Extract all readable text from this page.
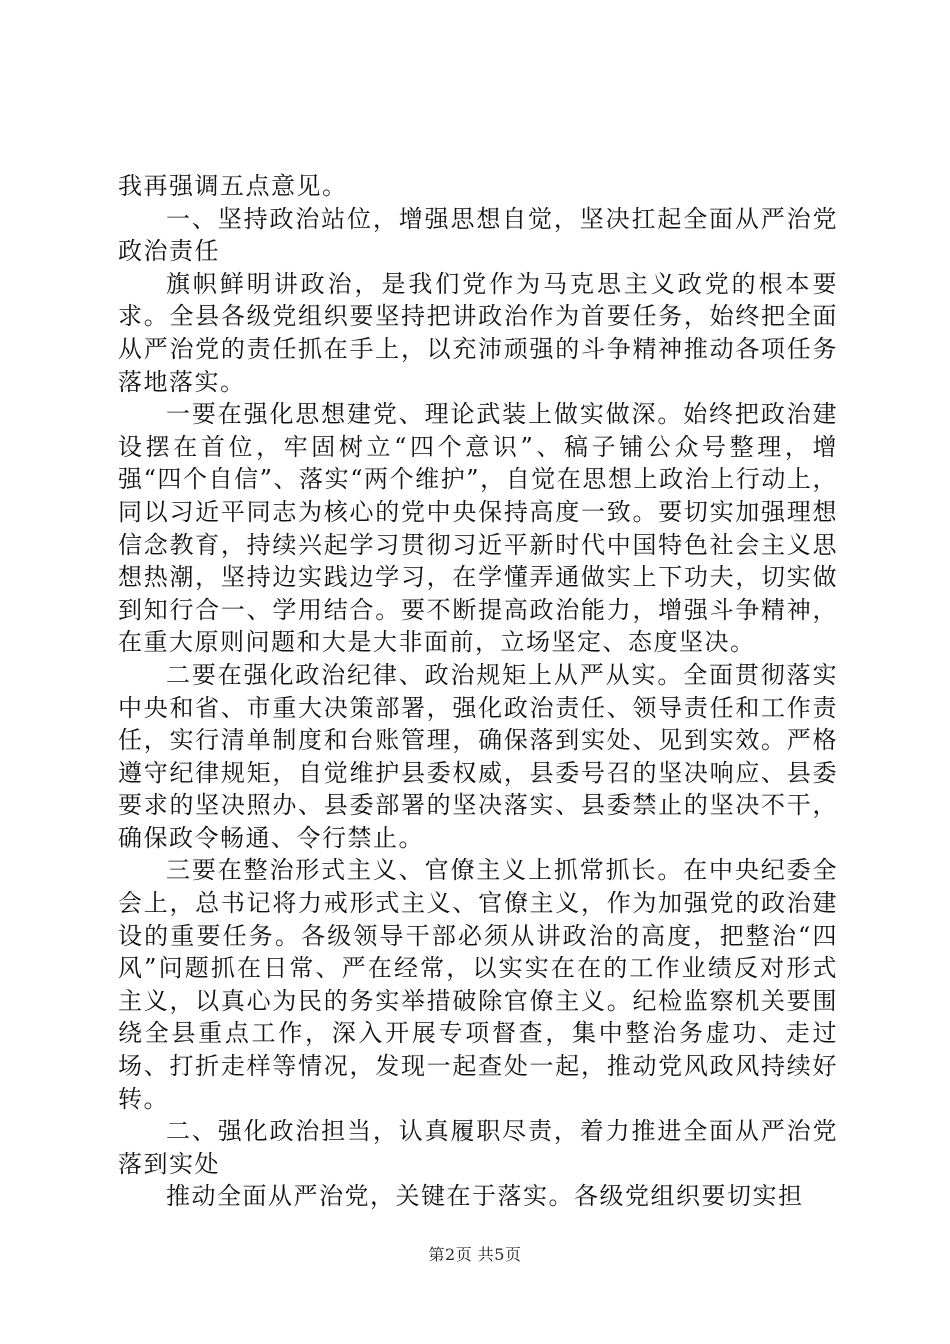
我再强调五点意见。

一、坚持政治站位，增强思想自觉，坚决扛起全面从严治党政治责任

旗帜鲜明讲政治，是我们党作为马克思主义政党的根本要求。全县各级党组织要坚持把讲政治作为首要任务，始终把全面从严治党的责任抓在手上，以充沛顽强的斗争精神推动各项任务落地落实。

一要在强化思想建党、理论武装上做实做深。始终把政治建设摆在首位，牢固树立“四个意识”、稿子铺公众号整理，增强“四个自信”、落实“两个维护”，自觉在思想上政治上行动上，同以习近平同志为核心的党中央保持高度一致。要切实加强理想信念教育，持续兴起学习贯彻习近平新时代中国特色社会主义思想热潮，坚持边实践边学习，在学懂弄通做实上下功夫，切实做到知行合一、学用结合。要不断提高政治能力，增强斗争精神，在重大原则问题和大是大非面前，立场坚定、态度坚决。

二要在强化政治纪律、政治规矩上从严从实。全面贯彻落实中央和省、市重大决策部署，强化政治责任、领导责任和工作责任，实行清单制度和台账管理，确保落到实处、见到实效。严格遵守纪律规矩，自觉维护县委权威，县委号召的坚决响应、县委要求的坚决照办、县委部署的坚决落实、县委禁止的坚决不干，确保政令畅通、令行禁止。

三要在整治形式主义、官僚主义上抓常抓长。在中央纪委全会上，总书记将力戒形式主义、官僚主义，作为加强党的政治建设的重要任务。各级领导干部必须从讲政治的高度，把整治“四风”问题抓在日常、严在经常，以实实在在的工作业绩反对形式主义，以真心为民的务实举措破除官僚主义。纪检监察机关要围绕全县重点工作，深入开展专项督查，集中整治务虚功、走过场、打折走样等情况，发现一起查处一起，推动党风政风持续好转。

二、强化政治担当，认真履职尽责，着力推进全面从严治党落到实处

推动全面从严治党，关键在于落实。各级党组织要切实担

第2页 共5页
